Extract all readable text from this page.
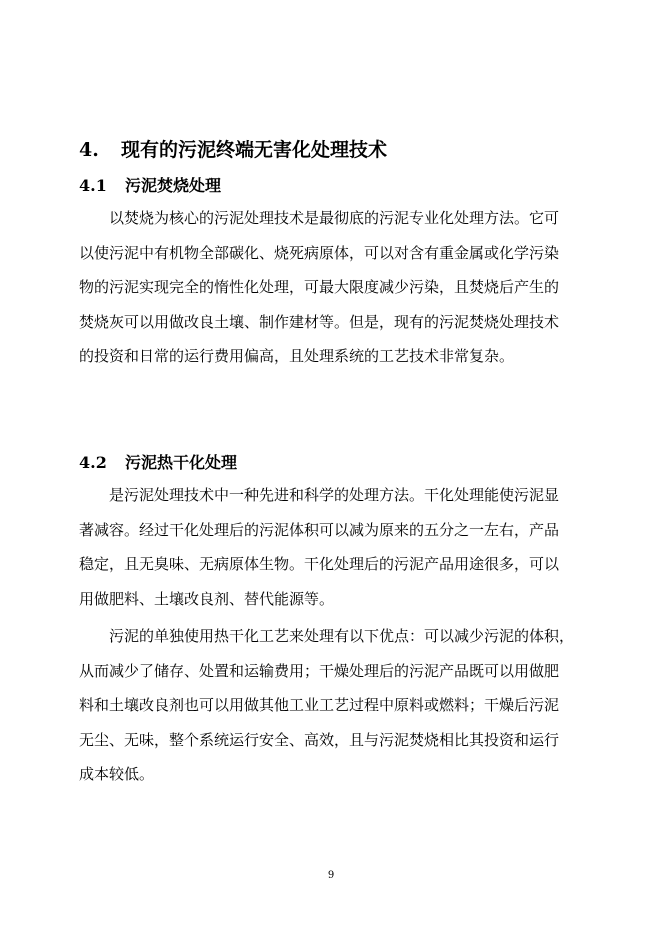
4. 现有的污泥终端无害化处理技术
4.1 污泥焚烧处理
以焚烧为核心的污泥处理技术是最彻底的污泥专业化处理方法。它可
以使污泥中有机物全部碳化、烧死病原体，可以对含有重金属或化学污染
物的污泥实现完全的惰性化处理，可最大限度减少污染，且焚烧后产生的
焚烧灰可以用做改良土壤、制作建材等。但是，现有的污泥焚烧处理技术
的投资和日常的运行费用偏高，且处理系统的工艺技术非常复杂。
4.2 污泥热干化处理
是污泥处理技术中一种先进和科学的处理方法。干化处理能使污泥显
著减容。经过干化处理后的污泥体积可以减为原来的五分之一左右，产品
稳定，且无臭味、无病原体生物。干化处理后的污泥产品用途很多，可以
用做肥料、土壤改良剂、替代能源等。
污泥的单独使用热干化工艺来处理有以下优点：可以减少污泥的体积，
从而减少了储存、处置和运输费用；干燥处理后的污泥产品既可以用做肥
料和土壤改良剂也可以用做其他工业工艺过程中原料或燃料；干燥后污泥
无尘、无味，整个系统运行安全、高效，且与污泥焚烧相比其投资和运行
成本较低。
9
